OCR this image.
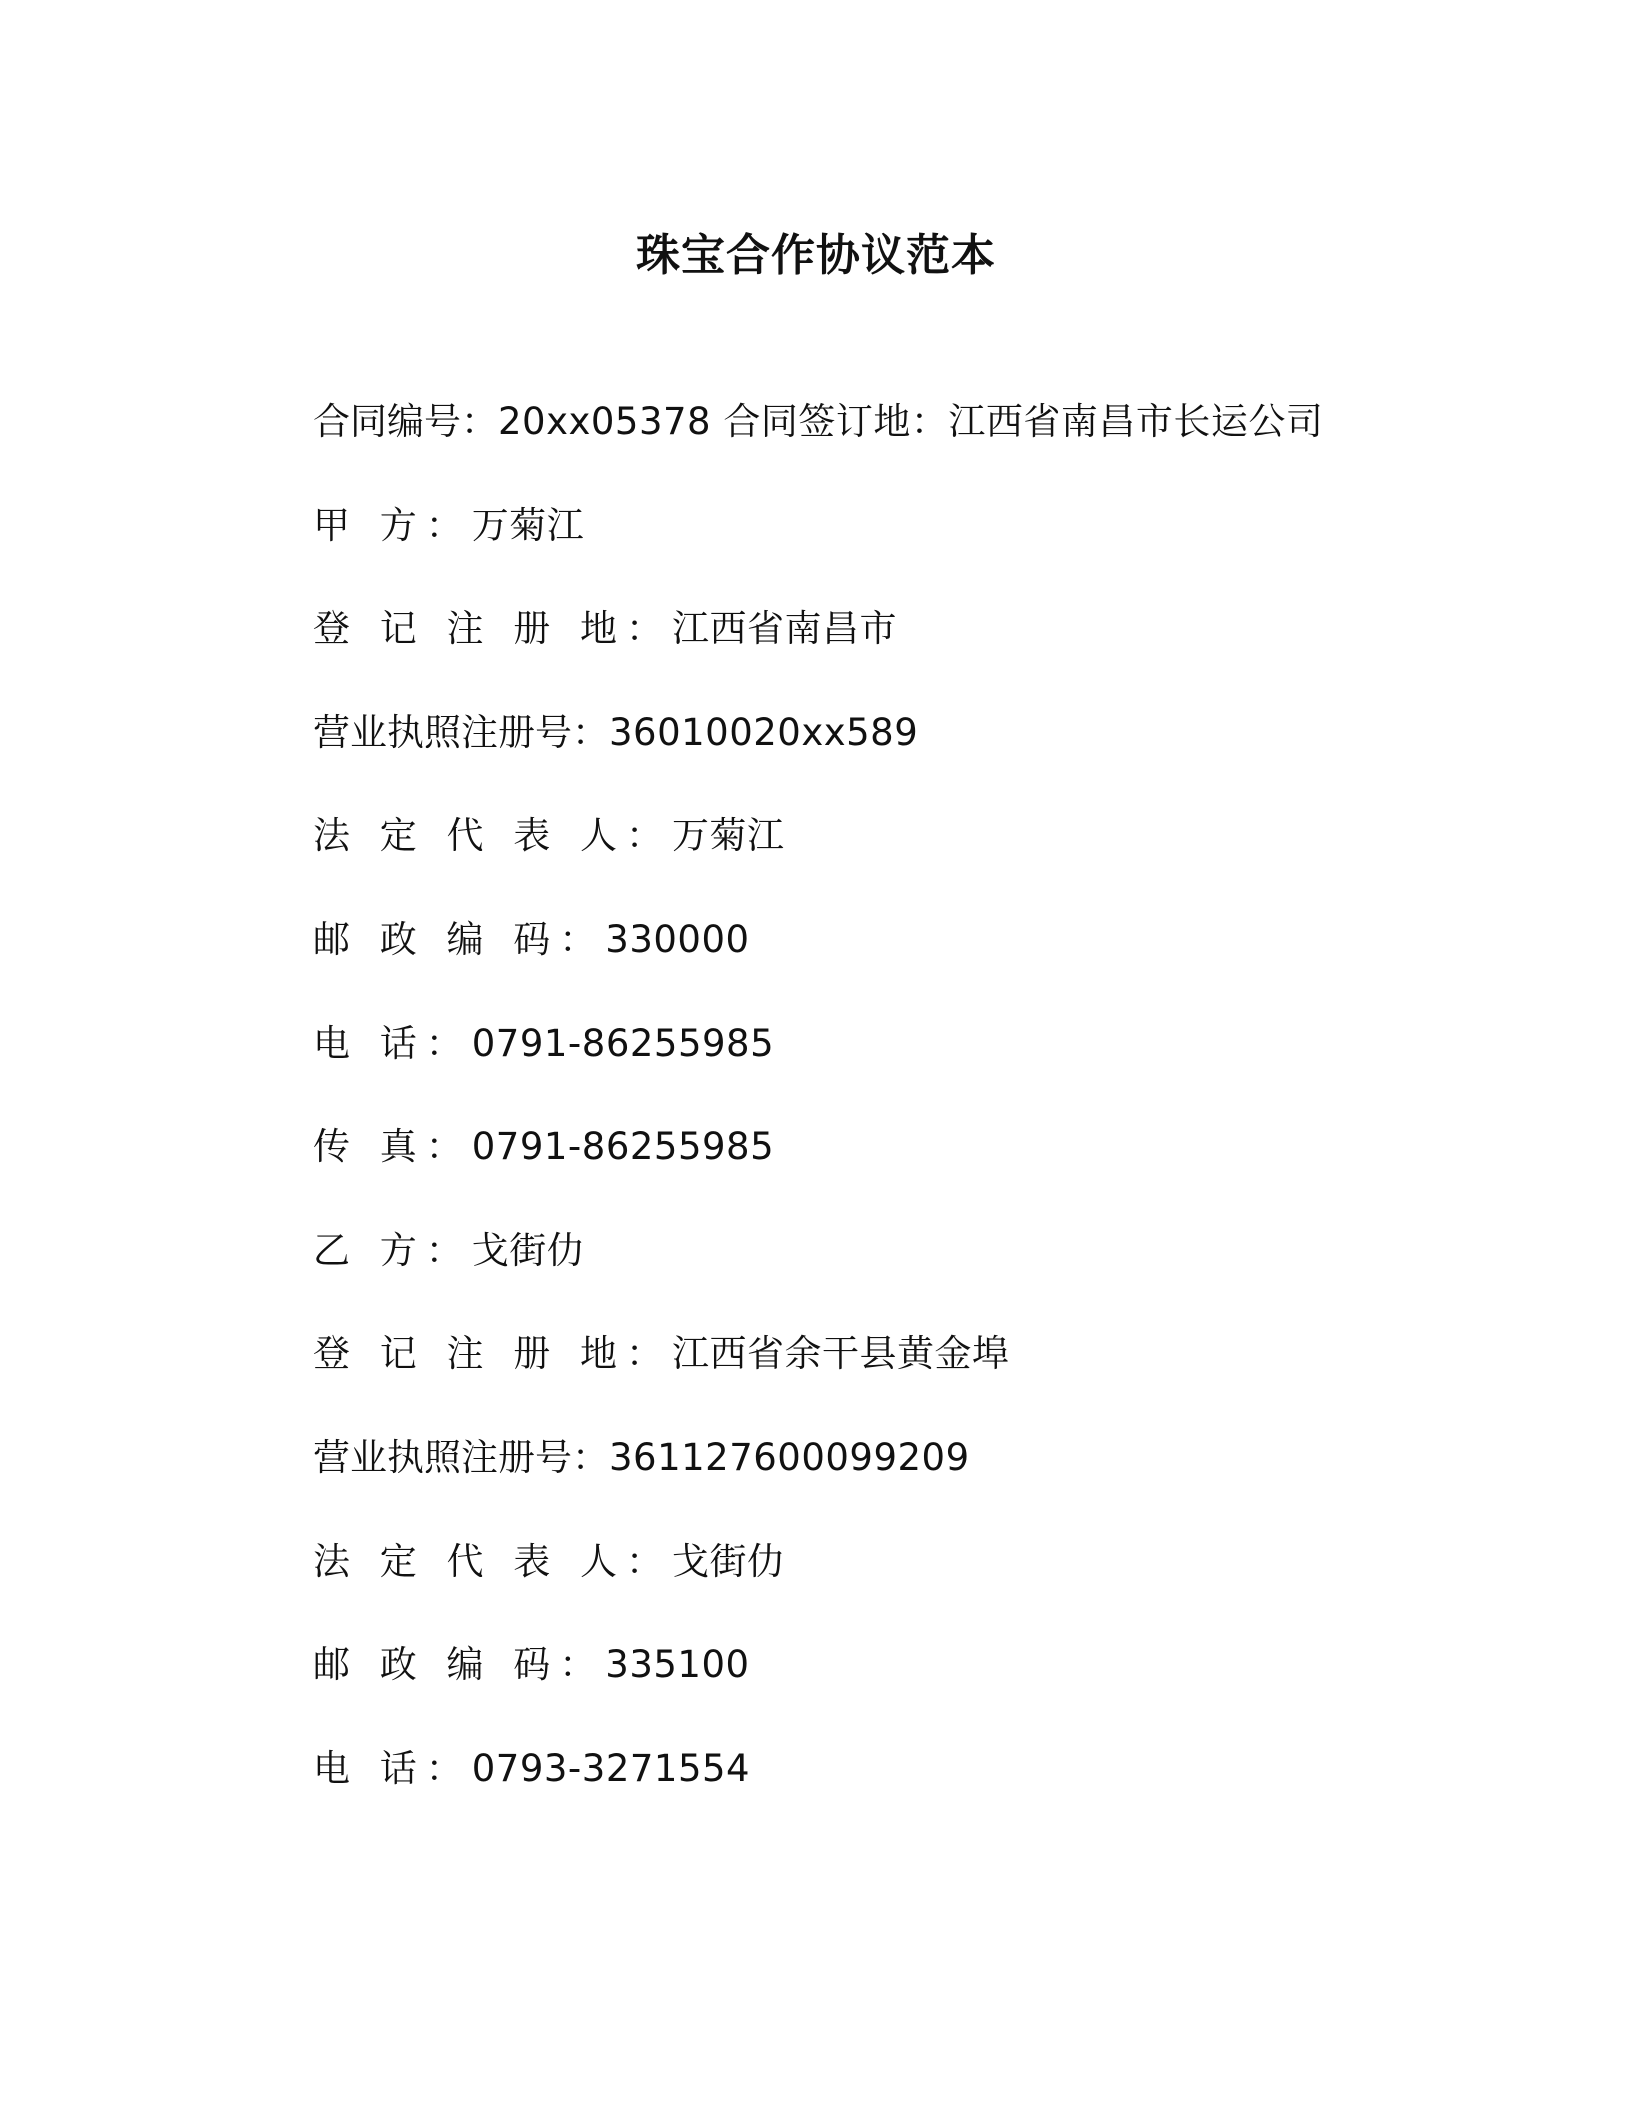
珠宝合作协议范本
合同编号：20xx05378 合同签订地：江西省南昌市长运公司
甲 方：万菊江
登 记 注 册 地：江西省南昌市
营业执照注册号：36010020xx589
法 定 代 表 人：万菊江
邮 政 编 码：330000
电 话：0791-86255985
传 真：0791-86255985
乙 方：戈街仂
登 记 注 册 地：江西省余干县黄金埠
营业执照注册号：361127600099209
法 定 代 表 人：戈街仂
邮 政 编 码：335100
电 话：0793-3271554
